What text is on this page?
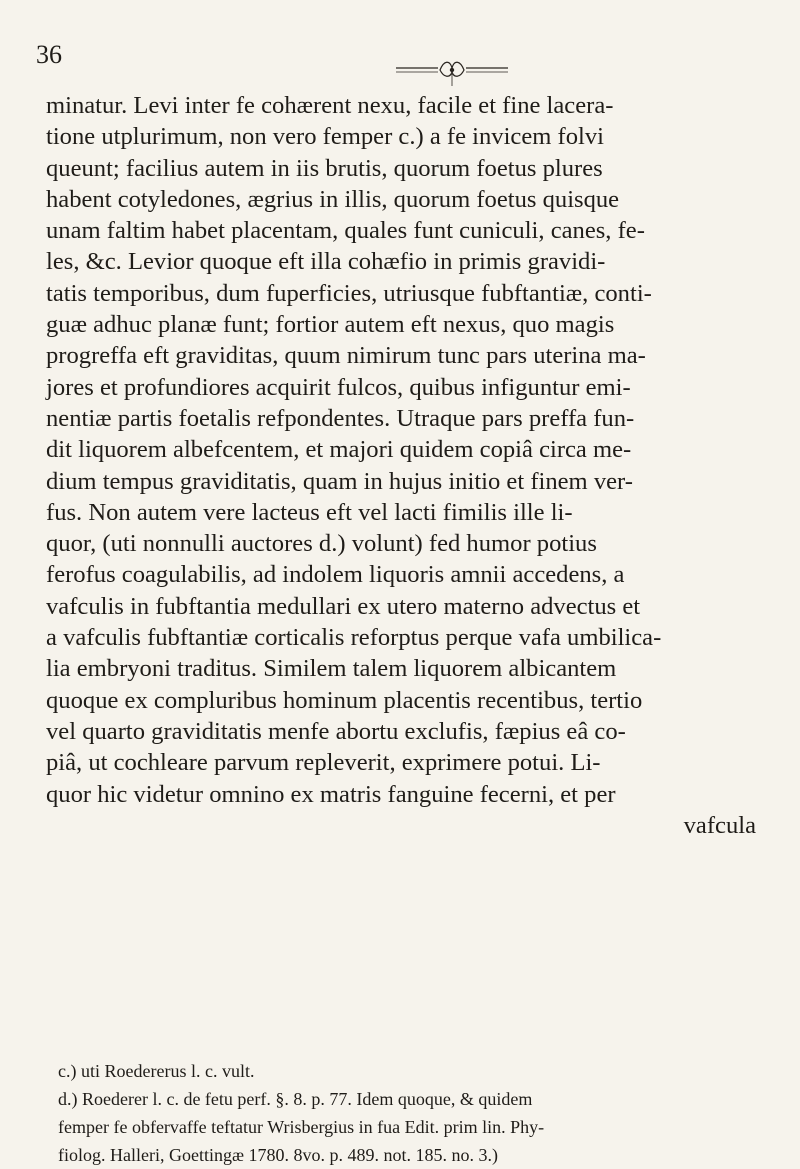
36
minatur. Levi inter fe cohærent nexu, facile et fine lacera-
tione utplurimum, non vero femper c.) a fe invicem folvi
queunt; facilius autem in iis brutis, quorum foetus plures
habent cotyledones, ægrius in illis, quorum foetus quisque
unam faltim habet placentam, quales funt cuniculi, canes, fe-
les, &c. Levior quoque eft illa cohæfio in primis gravidi-
tatis temporibus, dum fuperficies, utriusque fubftantiæ, conti-
guæ adhuc planæ funt; fortior autem eft nexus, quo magis
progreffa eft graviditas, quum nimirum tunc pars uterina ma-
jores et profundiores acquirit fulcos, quibus infiguntur emi-
nentiæ partis foetalis refpondentes. Utraque pars preffa fun-
dit liquorem albefcentem, et majori quidem copiâ circa me-
dium tempus graviditatis, quam in hujus initio et finem ver-
fus. Non autem vere lacteus eft vel lacti fimilis ille li-
quor, (uti nonnulli auctores d.) volunt) fed humor potius
ferofus coagulabilis, ad indolem liquoris amnii accedens, a
vafculis in fubftantia medullari ex utero materno advectus et
a vafculis fubftantiæ corticalis reforptus perque vafa umbilica-
lia embryoni traditus. Similem talem liquorem albicantem
quoque ex compluribus hominum placentis recentibus, tertio
vel quarto graviditatis menfe abortu exclufis, fæpius eâ co-
piâ, ut cochleare parvum repleverit, exprimere potui. Li-
quor hic videtur omnino ex matris fanguine fecerni, et per
vafcula
c.) uti Roedererus l. c. vult.
d.) Roederer l. c. de fetu perf. §. 8. p. 77. Idem quoque, & quidem
femper fe obfervaffe teftatur Wrisbergius in fua Edit. prim lin. Phy-
fiolog. Halleri, Goettingæ 1780. 8vo. p. 489. not. 185. no. 3.)
